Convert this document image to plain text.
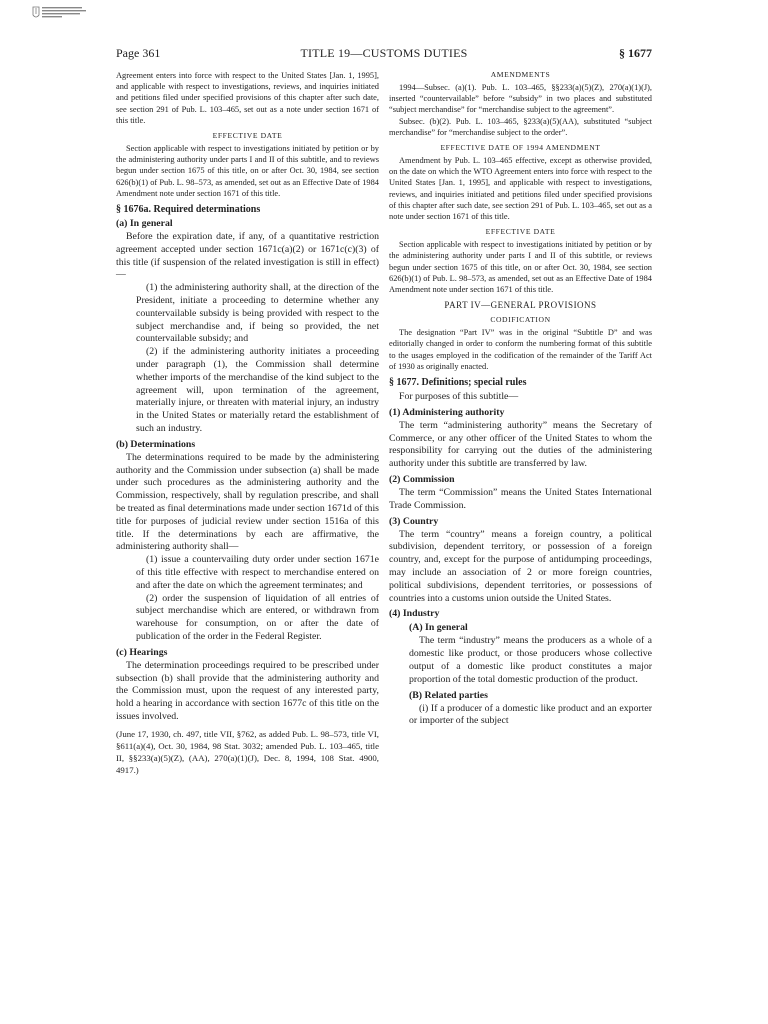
Page 361	TITLE 19—CUSTOMS DUTIES	§ 1677

Agreement enters into force with respect to the United States [Jan. 1, 1995], and applicable with respect to investigations, reviews, and inquiries initiated and petitions filed under specified provisions of this chapter after such date, see section 291 of Pub. L. 103–465, set out as a note under section 1671 of this title.

EFFECTIVE DATE

Section applicable with respect to investigations initiated by petition or by the administering authority under parts I and II of this subtitle, and to reviews begun under section 1675 of this title, on or after Oct. 30, 1984, see section 626(b)(1) of Pub. L. 98–573, as amended, set out as an Effective Date of 1984 Amendment note under section 1671 of this title.

§ 1676a. Required determinations
(a) In general

Before the expiration date, if any, of a quantitative restriction agreement accepted under section 1671c(a)(2) or 1671c(c)(3) of this title (if suspension of the related investigation is still in effect)—

(1) the administering authority shall, at the direction of the President, initiate a proceeding to determine whether any countervailable subsidy is being provided with respect to the subject merchandise and, if being so provided, the net countervailable subsidy; and

(2) if the administering authority initiates a proceeding under paragraph (1), the Commission shall determine whether imports of the merchandise of the kind subject to the agreement will, upon termination of the agreement, materially injure, or threaten with material injury, an industry in the United States or materially retard the establishment of such an industry.

(b) Determinations

The determinations required to be made by the administering authority and the Commission under subsection (a) shall be made under such procedures as the administering authority and the Commission, respectively, shall by regulation prescribe, and shall be treated as final determinations made under section 1671d of this title for purposes of judicial review under section 1516a of this title. If the determinations by each are affirmative, the administering authority shall—

(1) issue a countervailing duty order under section 1671e of this title effective with respect to merchandise entered on and after the date on which the agreement terminates; and

(2) order the suspension of liquidation of all entries of subject merchandise which are entered, or withdrawn from warehouse for consumption, on or after the date of publication of the order in the Federal Register.

(c) Hearings

The determination proceedings required to be prescribed under subsection (b) shall provide that the administering authority and the Commission must, upon the request of any interested party, hold a hearing in accordance with section 1677c of this title on the issues involved.

(June 17, 1930, ch. 497, title VII, §762, as added Pub. L. 98–573, title VI, §611(a)(4), Oct. 30, 1984, 98 Stat. 3032; amended Pub. L. 103–465, title II, §§233(a)(5)(Z), (AA), 270(a)(1)(J), Dec. 8, 1994, 108 Stat. 4900, 4917.)

AMENDMENTS

1994—Subsec. (a)(1). Pub. L. 103–465, §§233(a)(5)(Z), 270(a)(1)(J), inserted “countervailable” before “subsidy” in two places and substituted “subject merchandise” for “merchandise subject to the agreement”.

Subsec. (b)(2). Pub. L. 103–465, §233(a)(5)(AA), substituted “subject merchandise” for “merchandise subject to the order”.

EFFECTIVE DATE OF 1994 AMENDMENT

Amendment by Pub. L. 103–465 effective, except as otherwise provided, on the date on which the WTO Agreement enters into force with respect to the United States [Jan. 1, 1995], and applicable with respect to investigations, reviews, and inquiries initiated and petitions filed under specified provisions of this chapter after such date, see section 291 of Pub. L. 103–465, set out as a note under section 1671 of this title.

EFFECTIVE DATE

Section applicable with respect to investigations initiated by petition or by the administering authority under parts I and II of this subtitle, or reviews begun under section 1675 of this title, on or after Oct. 30, 1984, see section 626(b)(1) of Pub. L. 98–573, as amended, set out as an Effective Date of 1984 Amendment note under section 1671 of this title.

PART IV—GENERAL PROVISIONS
CODIFICATION

The designation “Part IV” was in the original “Subtitle D” and was editorially changed in order to conform the numbering format of this subtitle to the usages employed in the codification of the remainder of the Tariff Act of 1930 as originally enacted.

§ 1677. Definitions; special rules

For purposes of this subtitle—

(1) Administering authority

The term “administering authority” means the Secretary of Commerce, or any other officer of the United States to whom the responsibility for carrying out the duties of the administering authority under this subtitle are transferred by law.

(2) Commission

The term “Commission” means the United States International Trade Commission.

(3) Country

The term “country” means a foreign country, a political subdivision, dependent territory, or possession of a foreign country, and, except for the purpose of antidumping proceedings, may include an association of 2 or more foreign countries, political subdivisions, dependent territories, or possessions of countries into a customs union outside the United States.

(4) Industry
(A) In general

The term “industry” means the producers as a whole of a domestic like product, or those producers whose collective output of a domestic like product constitutes a major proportion of the total domestic production of the product.

(B) Related parties

(i) If a producer of a domestic like product and an exporter or importer of the subject
